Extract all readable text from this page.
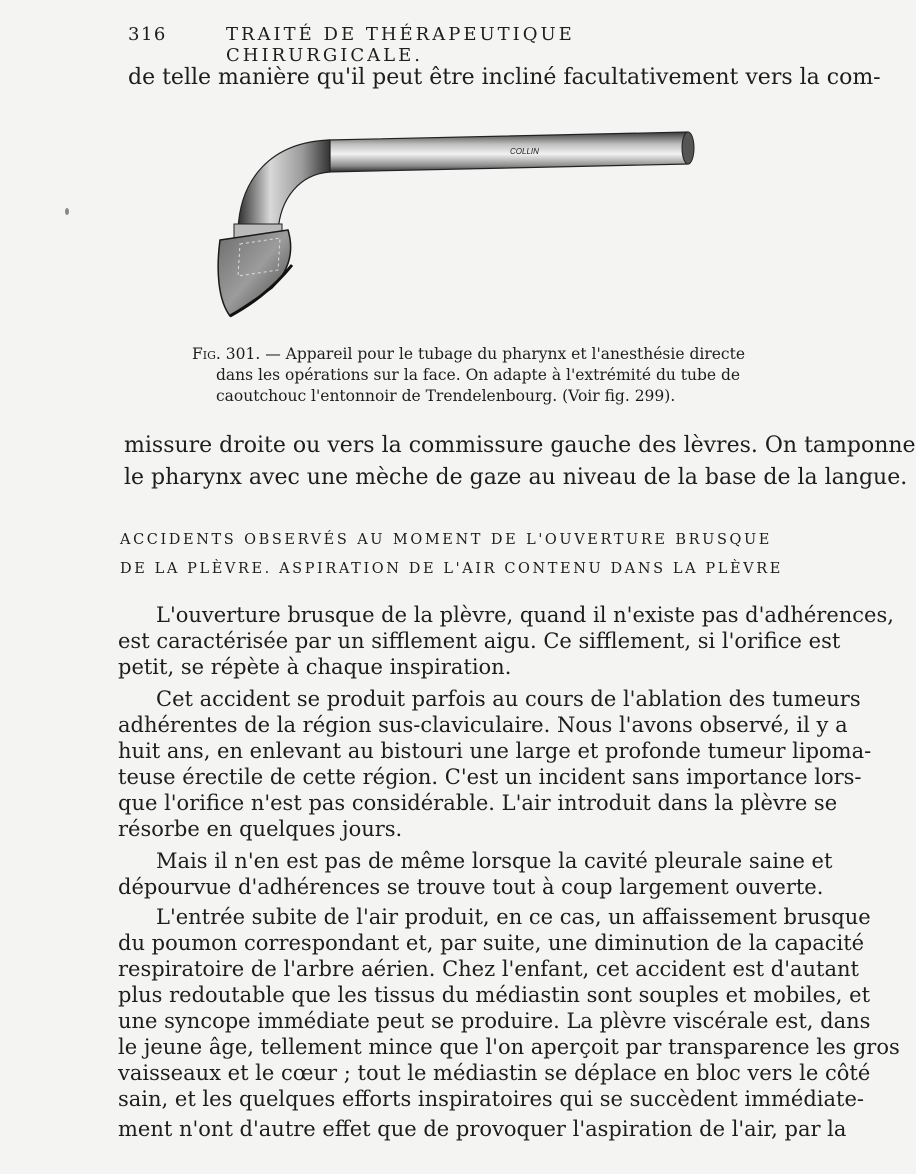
316	TRAITÉ DE THÉRAPEUTIQUE CHIRURGICALE.
de telle manière qu'il peut être incliné facultativement vers la com-
COLLIN

Fig. 301. — Appareil pour le tubage du pharynx et l'anesthésie directe

dans les opérations sur la face. On adapte à l'extrémité du tube de

caoutchouc l'entonnoir de Trendelenbourg. (Voir fig. 299).

missure droite ou vers la commissure gauche des lèvres. On tamponne
le pharynx avec une mèche de gaze au niveau de la base de la langue.
ACCIDENTS OBSERVÉS AU MOMENT DE L'OUVERTURE BRUSQUE
DE LA PLÈVRE. ASPIRATION DE L'AIR CONTENU DANS LA PLÈVRE
L'ouverture brusque de la plèvre, quand il n'existe pas d'adhérences,
est caractérisée par un sifflement aigu. Ce sifflement, si l'orifice est
petit, se répète à chaque inspiration.
Cet accident se produit parfois au cours de l'ablation des tumeurs
adhérentes de la région sus-claviculaire. Nous l'avons observé, il y a
huit ans, en enlevant au bistouri une large et profonde tumeur lipoma-
teuse érectile de cette région. C'est un incident sans importance lors-
que l'orifice n'est pas considérable. L'air introduit dans la plèvre se
résorbe en quelques jours.
Mais il n'en est pas de même lorsque la cavité pleurale saine et
dépourvue d'adhérences se trouve tout à coup largement ouverte.
L'entrée subite de l'air produit, en ce cas, un affaissement brusque
du poumon correspondant et, par suite, une diminution de la capacité
respiratoire de l'arbre aérien. Chez l'enfant, cet accident est d'autant
plus redoutable que les tissus du médiastin sont souples et mobiles, et
une syncope immédiate peut se produire. La plèvre viscérale est, dans
le jeune âge, tellement mince que l'on aperçoit par transparence les gros
vaisseaux et le cœur ; tout le médiastin se déplace en bloc vers le côté
sain, et les quelques efforts inspiratoires qui se succèdent immédiate-
ment n'ont d'autre effet que de provoquer l'aspiration de l'air, par la
